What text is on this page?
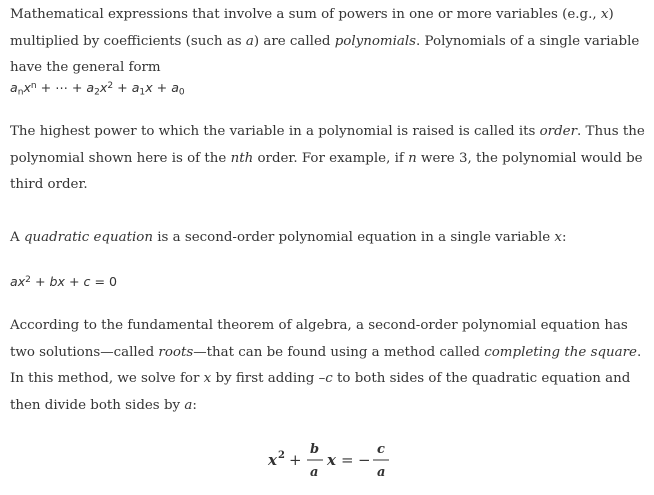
Mathematical expressions that involve a sum of powers in one or more variables (e.g., x) multiplied by coefficients (such as a) are called polynomials. Polynomials of a single variable have the general form

$a_nx^n$ + ⋯ + $a_2x^2 + a_1x + a_0$

The highest power to which the variable in a polynomial is raised is called its order. Thus the polynomial shown here is of the nth order. For example, if n were 3, the polynomial would be third order.

A quadratic equation is a second-order polynomial equation in a single variable x:

$ax^2$ + bx + c = 0

According to the fundamental theorem of algebra, a second-order polynomial equation has two solutions—called roots—that can be found using a method called completing the square. In this method, we solve for x by first adding –c to both sides of the quadratic equation and then divide both sides by a:

x 2 +
b
a
x = −
c
a
